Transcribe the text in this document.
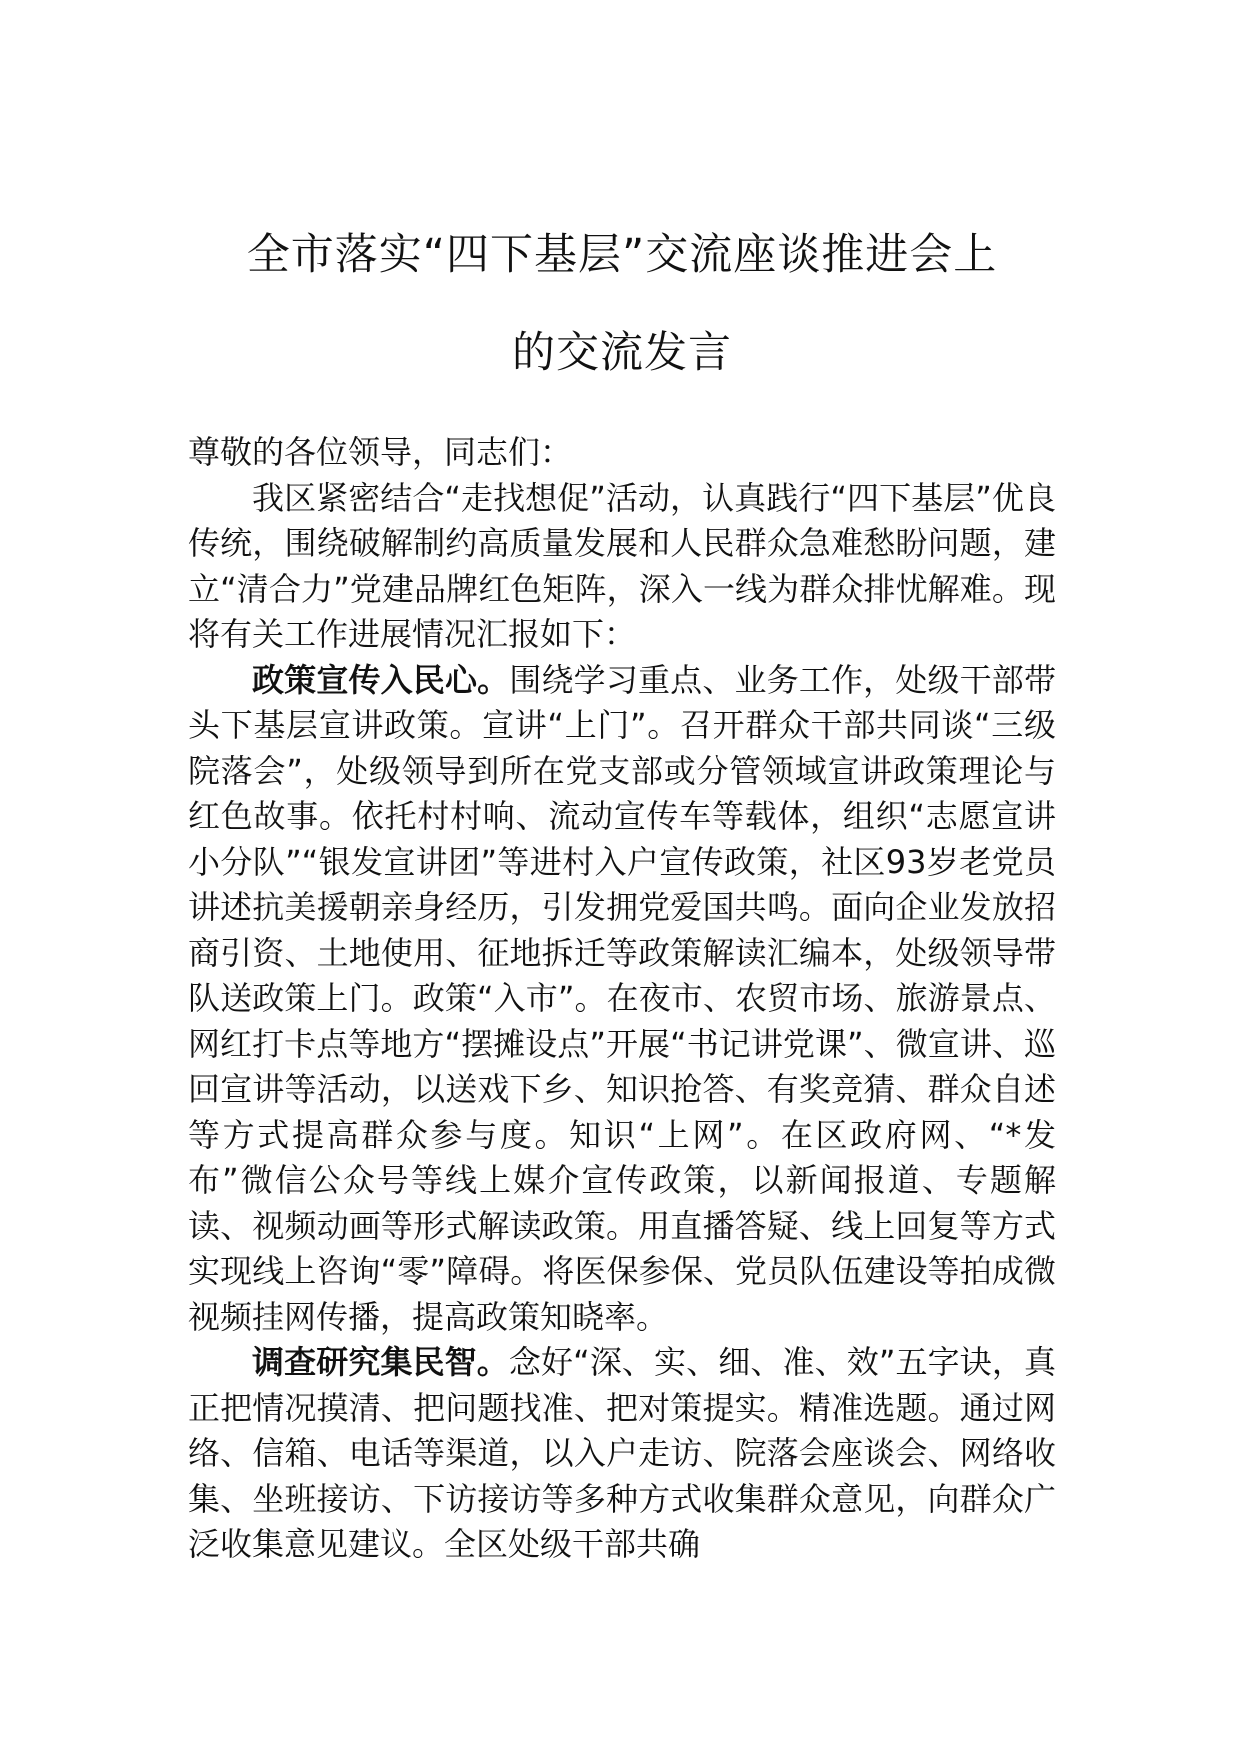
全市落实“四下基层”交流座谈推进会上
的交流发言

尊敬的各位领导，同志们：

我区紧密结合“走找想促”活动，认真践行“四下基层”优良传统，围绕破解制约高质量发展和人民群众急难愁盼问题，建立“清合力”党建品牌红色矩阵，深入一线为群众排忧解难。现将有关工作进展情况汇报如下：

政策宣传入民心。围绕学习重点、业务工作，处级干部带头下基层宣讲政策。宣讲“上门”。召开群众干部共同谈“三级院落会”，处级领导到所在党支部或分管领域宣讲政策理论与红色故事。依托村村响、流动宣传车等载体，组织“志愿宣讲小分队”“银发宣讲团”等进村入户宣传政策，社区93岁老党员讲述抗美援朝亲身经历，引发拥党爱国共鸣。面向企业发放招商引资、土地使用、征地拆迁等政策解读汇编本，处级领导带队送政策上门。政策“入市”。在夜市、农贸市场、旅游景点、网红打卡点等地方“摆摊设点”开展“书记讲党课”、微宣讲、巡回宣讲等活动，以送戏下乡、知识抢答、有奖竞猜、群众自述等方式提高群众参与度。知识“上网”。在区政府网、“*发布”微信公众号等线上媒介宣传政策，以新闻报道、专题解读、视频动画等形式解读政策。用直播答疑、线上回复等方式实现线上咨询“零”障碍。将医保参保、党员队伍建设等拍成微视频挂网传播，提高政策知晓率。

调查研究集民智。念好“深、实、细、准、效”五字诀，真正把情况摸清、把问题找准、把对策提实。精准选题。通过网络、信箱、电话等渠道，以入户走访、院落会座谈会、网络收集、坐班接访、下访接访等多种方式收集群众意见，向群众广泛收集意见建议。全区处级干部共确
